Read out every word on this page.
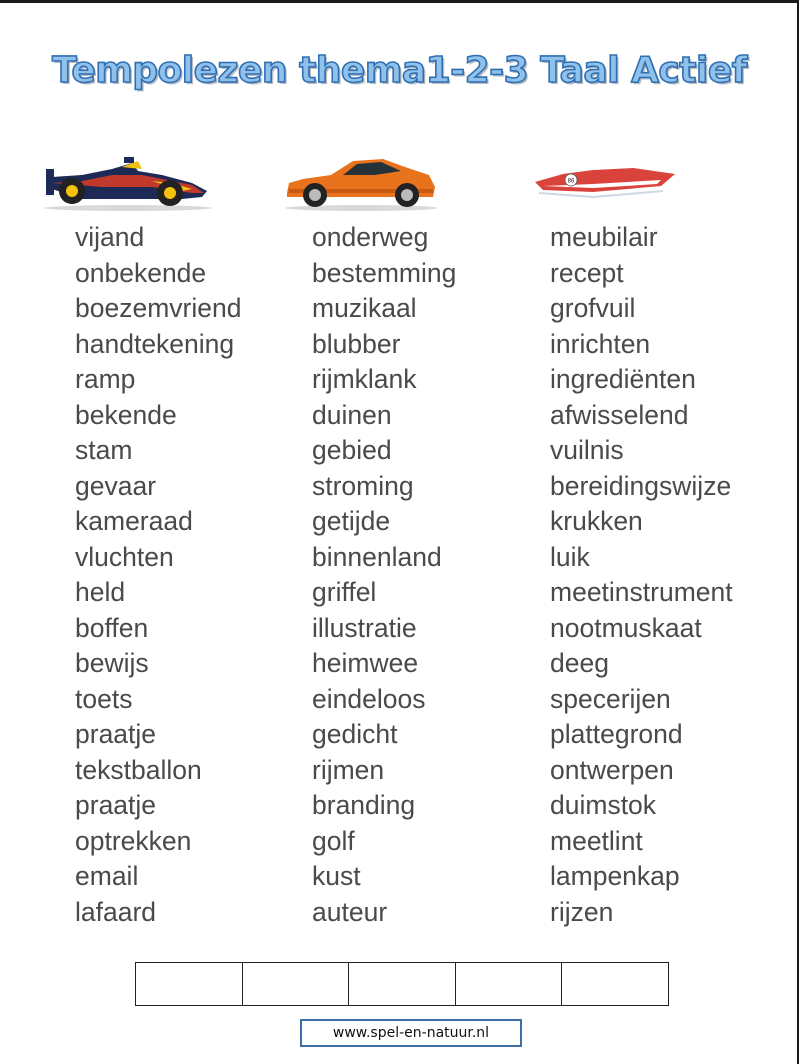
Tempolezen thema1-2-3 Taal Actief
86
vijand
onbekende
boezemvriend
handtekening
ramp
bekende
stam
gevaar
kameraad
vluchten
held
boffen
bewijs
toets
praatje
tekstballon
praatje
optrekken
email
lafaard
onderweg
bestemming
muzikaal
blubber
rijmklank
duinen
gebied
stroming
getijde
binnenland
griffel
illustratie
heimwee
eindeloos
gedicht
rijmen
branding
golf
kust
auteur
meubilair
recept
grofvuil
inrichten
ingrediënten
afwisselend
vuilnis
bereidingswijze
krukken
luik
meetinstrument
nootmuskaat
deeg
specerijen
plattegrond
ontwerpen
duimstok
meetlint
lampenkap
rijzen
www.spel-en-natuur.nl
